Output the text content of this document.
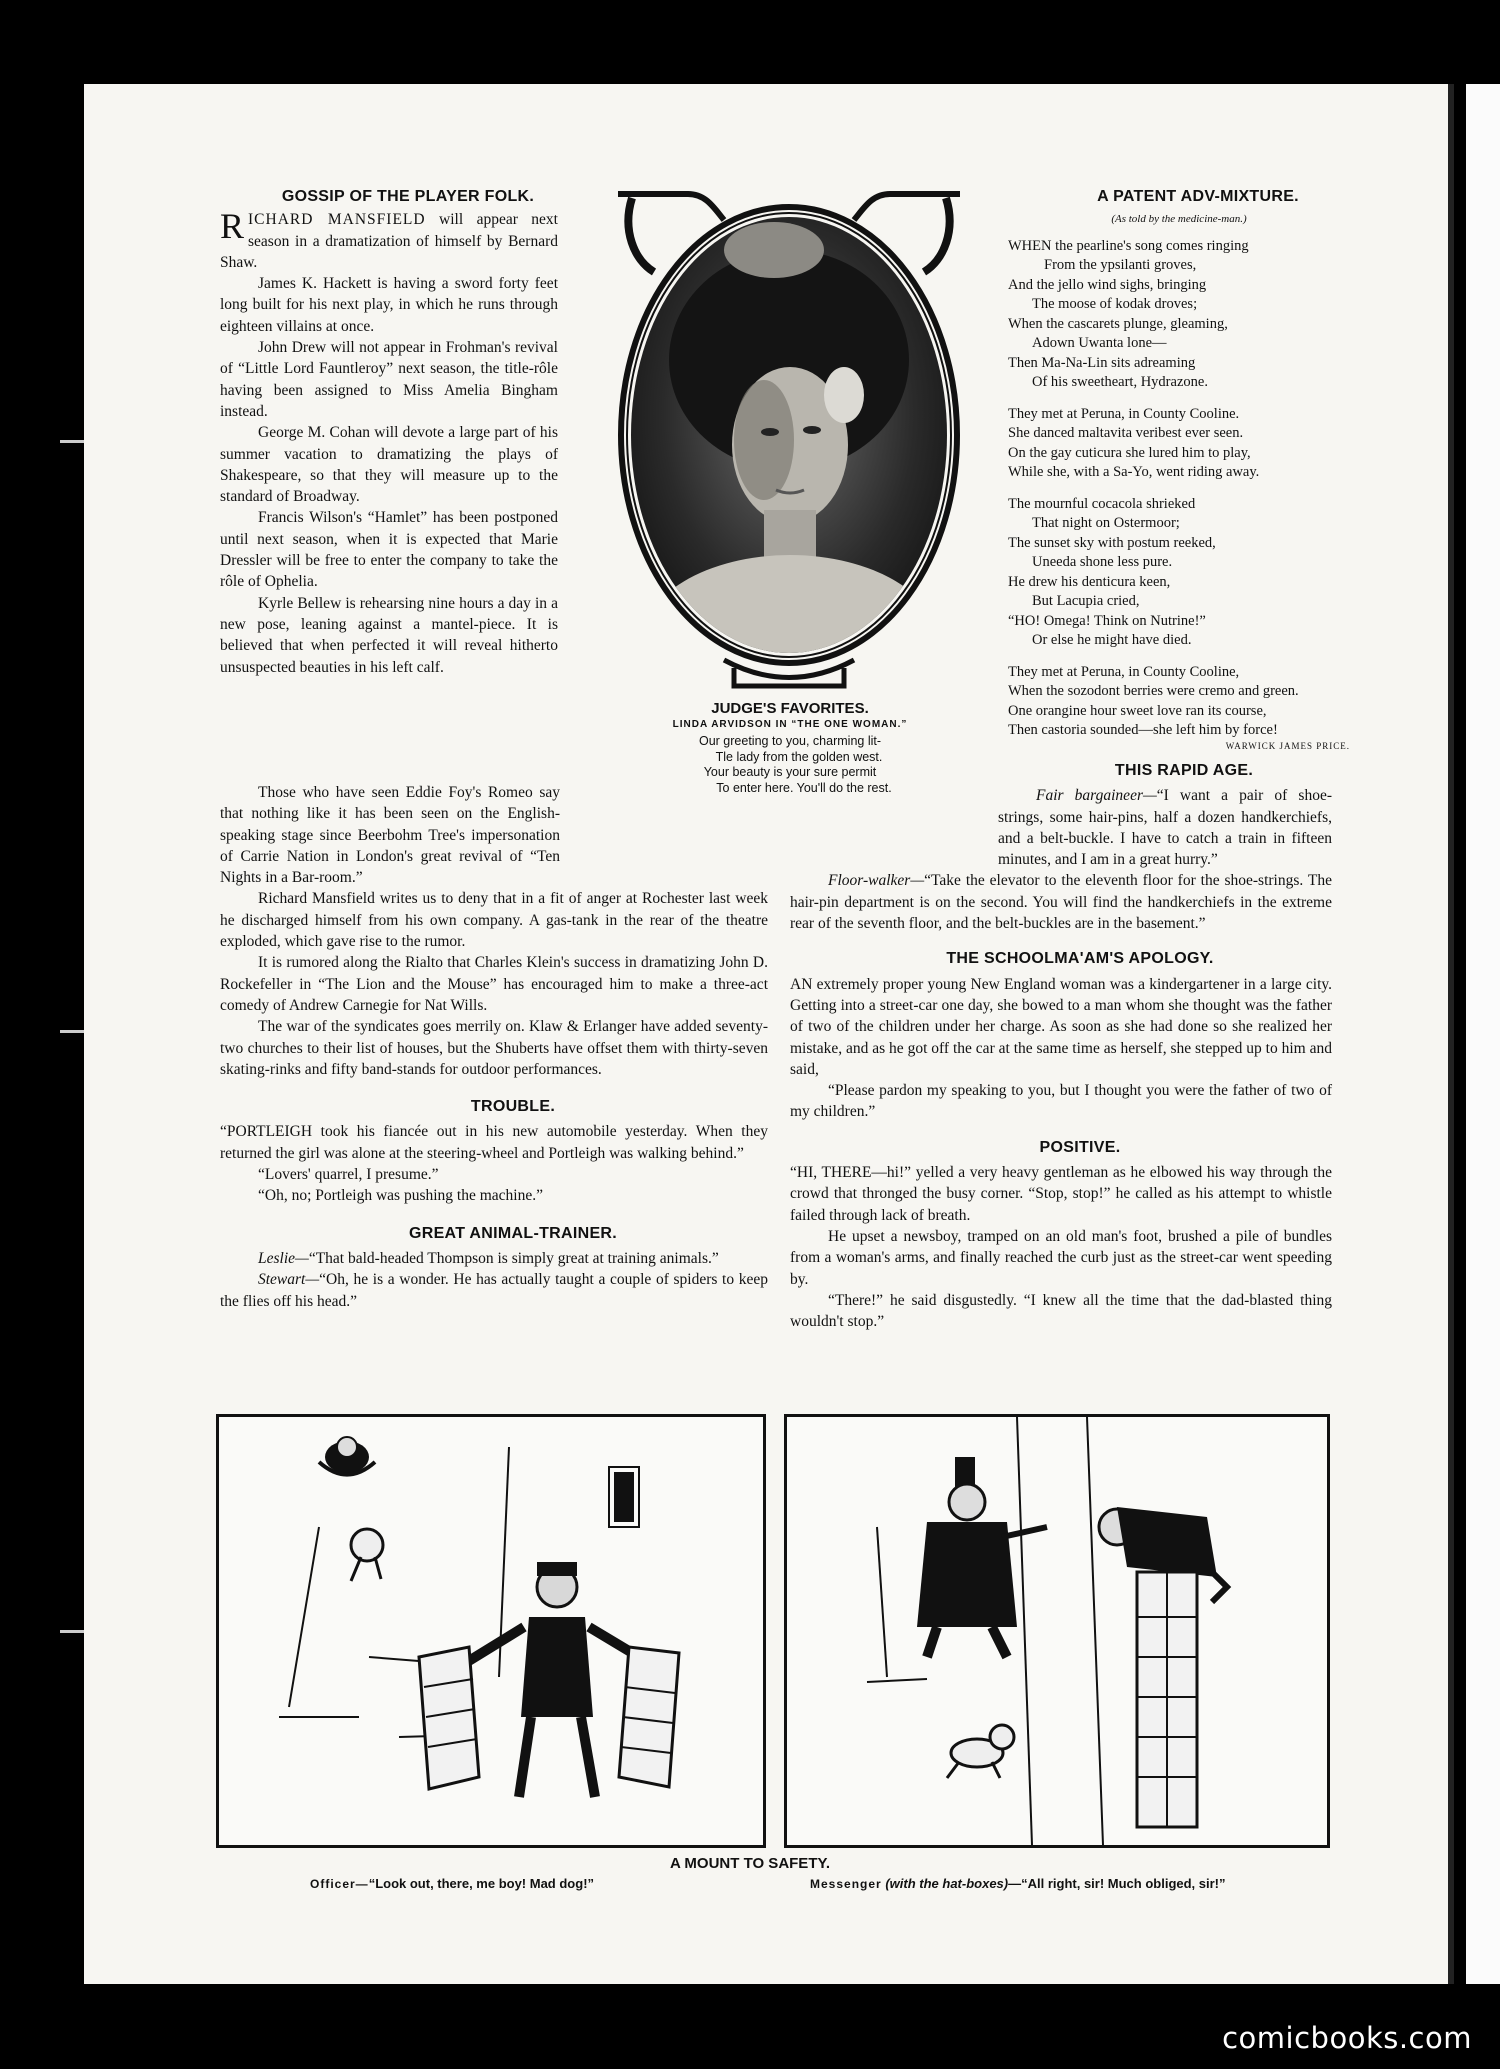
GOSSIP OF THE PLAYER FOLK.

RICHARD MANSFIELD will appear next season in a dramatization of himself by Bernard Shaw.

James K. Hackett is having a sword forty feet long built for his next play, in which he runs through eighteen villains at once.

John Drew will not appear in Frohman's revival of “Little Lord Fauntleroy” next season, the title-rôle having been assigned to Miss Amelia Bingham instead.

George M. Cohan will devote a large part of his summer vacation to dramatizing the plays of Shakespeare, so that they will measure up to the standard of Broadway.

Francis Wilson's “Hamlet” has been postponed until next season, when it is expected that Marie Dressler will be free to enter the company to take the rôle of Ophelia.

Kyrle Bellew is rehearsing nine hours a day in a new pose, leaning against a mantel-piece. It is believed that when perfected it will reveal hitherto unsuspected beauties in his left calf.

Those who have seen Eddie Foy's Romeo say that nothing like it has been seen on the English-speaking stage since Beerbohm Tree's impersonation of Carrie Nation in London's great revival of “Ten Nights in a Bar-room.”

Richard Mansfield writes us to deny that in a fit of anger at Rochester last week he discharged himself from his own company. A gas-tank in the rear of the theatre exploded, which gave rise to the rumor.

It is rumored along the Rialto that Charles Klein's success in dramatizing John D. Rockefeller in “The Lion and the Mouse” has encouraged him to make a three-act comedy of Andrew Carnegie for Nat Wills.

The war of the syndicates goes merrily on. Klaw & Erlanger have added seventy-two churches to their list of houses, but the Shuberts have offset them with thirty-seven skating-rinks and fifty band-stands for outdoor performances.

TROUBLE.

“PORTLEIGH took his fiancée out in his new automobile yesterday. When they returned the girl was alone at the steering-wheel and Portleigh was walking behind.”

“Lovers' quarrel, I presume.”

“Oh, no; Portleigh was pushing the machine.”

GREAT ANIMAL-TRAINER.

Leslie—“That bald-headed Thompson is simply great at training animals.”

Stewart—“Oh, he is a wonder. He has actually taught a couple of spiders to keep the flies off his head.”

JUDGE'S FAVORITES.
LINDA ARVIDSON IN “THE ONE WOMAN.”
Our greeting to you, charming lit-
Tle lady from the golden west.
Your beauty is your sure permit
To enter here. You'll do the rest.

A PATENT ADV-MIXTURE.

(As told by the medicine-man.)
WHEN the pearline's song comes ringing
From the ypsilanti groves,
And the jello wind sighs, bringing
The moose of kodak droves;
When the cascarets plunge, gleaming,
Adown Uwanta lone—
Then Ma-Na-Lin sits adreaming
Of his sweetheart, Hydrazone.
They met at Peruna, in County Cooline.
She danced maltavita veribest ever seen.
On the gay cuticura she lured him to play,
While she, with a Sa-Yo, went riding away.
The mournful cocacola shrieked
That night on Ostermoor;
The sunset sky with postum reeked,
Uneeda shone less pure.
He drew his denticura keen,
But Lacupia cried,
“HO! Omega! Think on Nutrine!”
Or else he might have died.
They met at Peruna, in County Cooline,
When the sozodont berries were cremo and green.
One orangine hour sweet love ran its course,
Then castoria sounded—she left him by force!
WARWICK JAMES PRICE.

THIS RAPID AGE.

Fair bargaineer—“I want a pair of shoe-strings, some hair-pins, half a dozen handkerchiefs, and a belt-buckle. I have to catch a train in fifteen minutes, and I am in a great hurry.”

Floor-walker—“Take the elevator to the eleventh floor for the shoe-strings. The hair-pin department is on the second. You will find the handkerchiefs in the extreme rear of the seventh floor, and the belt-buckles are in the basement.”

THE SCHOOLMA'AM'S APOLOGY.

AN extremely proper young New England woman was a kindergartener in a large city. Getting into a street-car one day, she bowed to a man whom she thought was the father of two of the children under her charge. As soon as she had done so she realized her mistake, and as he got off the car at the same time as herself, she stepped up to him and said,

“Please pardon my speaking to you, but I thought you were the father of two of my children.”

POSITIVE.

“HI, THERE—hi!” yelled a very heavy gentleman as he elbowed his way through the crowd that thronged the busy corner. “Stop, stop!” he called as his attempt to whistle failed through lack of breath.

He upset a newsboy, tramped on an old man's foot, brushed a pile of bundles from a woman's arms, and finally reached the curb just as the street-car went speeding by.

“There!” he said disgustedly. “I knew all the time that the dad-blasted thing wouldn't stop.”

A MOUNT TO SAFETY.
Officer—“Look out, there, me boy! Mad dog!”	Messenger (with the hat-boxes)—“All right, sir! Much obliged, sir!”
comicbooks.com
